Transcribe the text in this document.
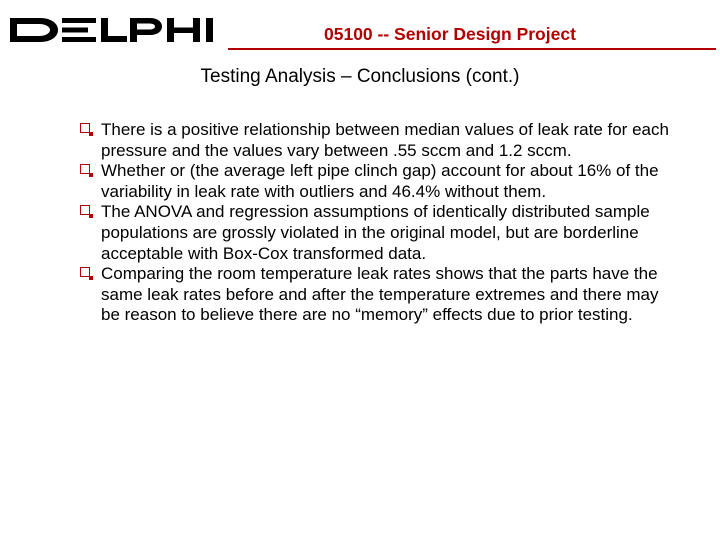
DELPHI
05100 -- Senior Design Project
Testing Analysis – Conclusions (cont.)
There is a positive relationship between median values of leak rate for each pressure and the values vary between .55 sccm and 1.2 sccm.
Whether or (the average left pipe clinch gap) account for about 16% of the variability in leak rate with outliers and 46.4% without them.
The ANOVA and regression assumptions of identically distributed sample populations are grossly violated in the original model, but are borderline acceptable with Box-Cox transformed data.
Comparing the room temperature leak rates shows that the parts have the same leak rates before and after the temperature extremes and there may be reason to believe there are no “memory” effects due to prior testing.
